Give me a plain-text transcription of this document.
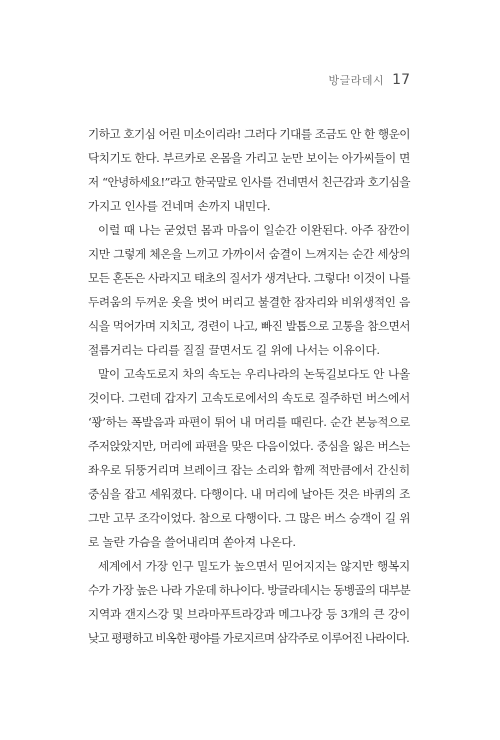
방글라데시 17
기하고 호기심 어린 미소이리라! 그러다 기대를 조금도 안 한 행운이
닥치기도 한다. 부르카로 온몸을 가리고 눈만 보이는 아가씨들이 면
저 “안녕하세요!”라고 한국말로 인사를 건네면서 친근감과 호기심을
가지고 인사를 건네며 손까지 내민다.
이럴 때 나는 굳었던 몸과 마음이 일순간 이완된다. 아주 잠깐이
지만 그렇게 체온을 느끼고 가까이서 숨결이 느껴지는 순간 세상의
모든 혼돈은 사라지고 태초의 질서가 생겨난다. 그렇다! 이것이 나를
두려움의 두꺼운 옷을 벗어 버리고 불결한 잠자리와 비위생적인 음
식을 먹어가며 지치고, 경련이 나고, 빠진 발톱으로 고통을 참으면서
절름거리는 다리를 질질 끌면서도 길 위에 나서는 이유이다.
말이 고속도로지 차의 속도는 우리나라의 논둑길보다도 안 나올
것이다. 그런데 갑자기 고속도로에서의 속도로 질주하던 버스에서
‘꽝’하는 폭발음과 파편이 튀어 내 머리를 때린다. 순간 본능적으로
주저앉았지만, 머리에 파편을 맞은 다음이었다. 중심을 잃은 버스는
좌우로 뒤뚱거리며 브레이크 잡는 소리와 함께 적만큼에서 간신히
중심을 잡고 세워졌다. 다행이다. 내 머리에 날아든 것은 바퀴의 조
그만 고무 조각이었다. 참으로 다행이다. 그 많은 버스 승객이 길 위
로 놀란 가슴을 쓸어내리며 쏟아져 나온다.
세계에서 가장 인구 밀도가 높으면서 믿어지지는 않지만 행복지
수가 가장 높은 나라 가운데 하나이다. 방글라데시는 동벵골의 대부분
지역과 갠지스강 및 브라마푸트라강과 메그나강 등 3개의 큰 강이
낮고 평평하고 비옥한 평야를 가로지르며 삼각주로 이루어진 나라이다.
